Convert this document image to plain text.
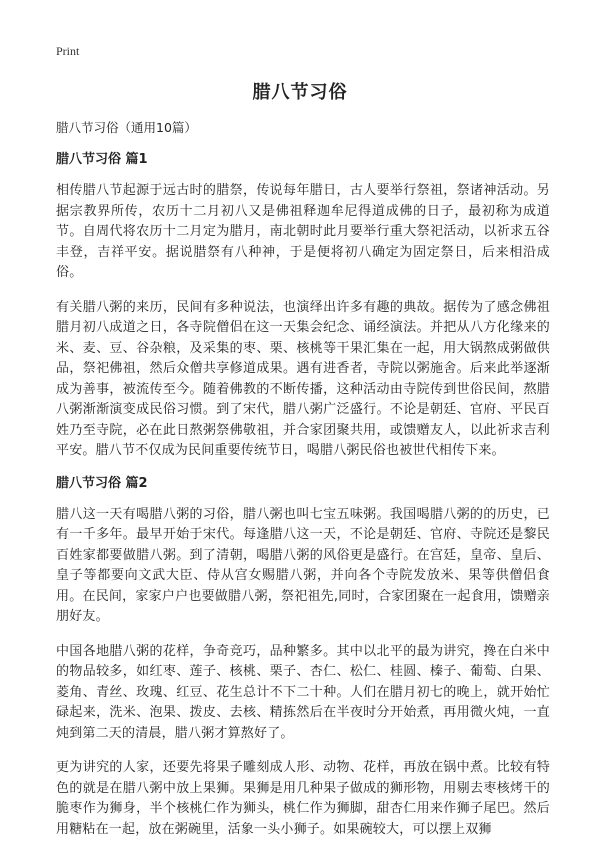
Print
腊八节习俗

腊八节习俗（通用10篇）

腊八节习俗 篇1

相传腊八节起源于远古时的腊祭，传说每年腊日，古人要举行祭祖，祭诸神活动。另据宗教界所传，农历十二月初八又是佛祖释迦牟尼得道成佛的日子，最初称为成道节。自周代将农历十二月定为腊月，南北朝时此月要举行重大祭祀活动，以祈求五谷丰登，吉祥平安。据说腊祭有八种神，于是便将初八确定为固定祭日，后来相沿成俗。

有关腊八粥的来历，民间有多种说法，也演绎出许多有趣的典故。据传为了感念佛祖腊月初八成道之日，各寺院僧侣在这一天集会纪念、诵经演法。并把从八方化缘来的米、麦、豆、谷杂粮，及采集的枣、栗、核桃等干果汇集在一起，用大锅熬成粥做供品，祭祀佛祖，然后众僧共享修道成果。遇有进香者，寺院以粥施舍。后来此举逐渐成为善事，被流传至今。随着佛教的不断传播，这种活动由寺院传到世俗民间，熬腊八粥渐渐演变成民俗习惯。到了宋代，腊八粥广泛盛行。不论是朝廷、官府、平民百姓乃至寺院，必在此日熬粥祭佛敬祖，并合家团聚共用，或馈赠友人，以此祈求吉利平安。腊八节不仅成为民间重要传统节日，喝腊八粥民俗也被世代相传下来。

腊八节习俗 篇2

腊八这一天有喝腊八粥的习俗，腊八粥也叫七宝五味粥。我国喝腊八粥的的历史，已有一千多年。最早开始于宋代。每逢腊八这一天，不论是朝廷、官府、寺院还是黎民百姓家都要做腊八粥。到了清朝，喝腊八粥的风俗更是盛行。在宫廷，皇帝、皇后、皇子等都要向文武大臣、侍从宫女赐腊八粥，并向各个寺院发放米、果等供僧侣食用。在民间，家家户户也要做腊八粥，祭祀祖先,同时，合家团聚在一起食用，馈赠亲朋好友。

中国各地腊八粥的花样，争奇竞巧，品种繁多。其中以北平的最为讲究，搀在白米中的物品较多，如红枣、莲子、核桃、栗子、杏仁、松仁、桂圆、榛子、葡萄、白果、菱角、青丝、玫瑰、红豆、花生总计不下二十种。人们在腊月初七的晚上，就开始忙碌起来，洗米、泡果、拨皮、去核、精拣然后在半夜时分开始煮，再用微火炖，一直炖到第二天的清晨，腊八粥才算熬好了。

更为讲究的人家，还要先将果子雕刻成人形、动物、花样，再放在锅中煮。比较有特色的就是在腊八粥中放上果狮。果狮是用几种果子做成的狮形物，用剔去枣核烤干的脆枣作为狮身，半个核桃仁作为狮头，桃仁作为狮脚，甜杏仁用来作狮子尾巴。然后用糖粘在一起，放在粥碗里，活象一头小狮子。如果碗较大，可以摆上双狮
